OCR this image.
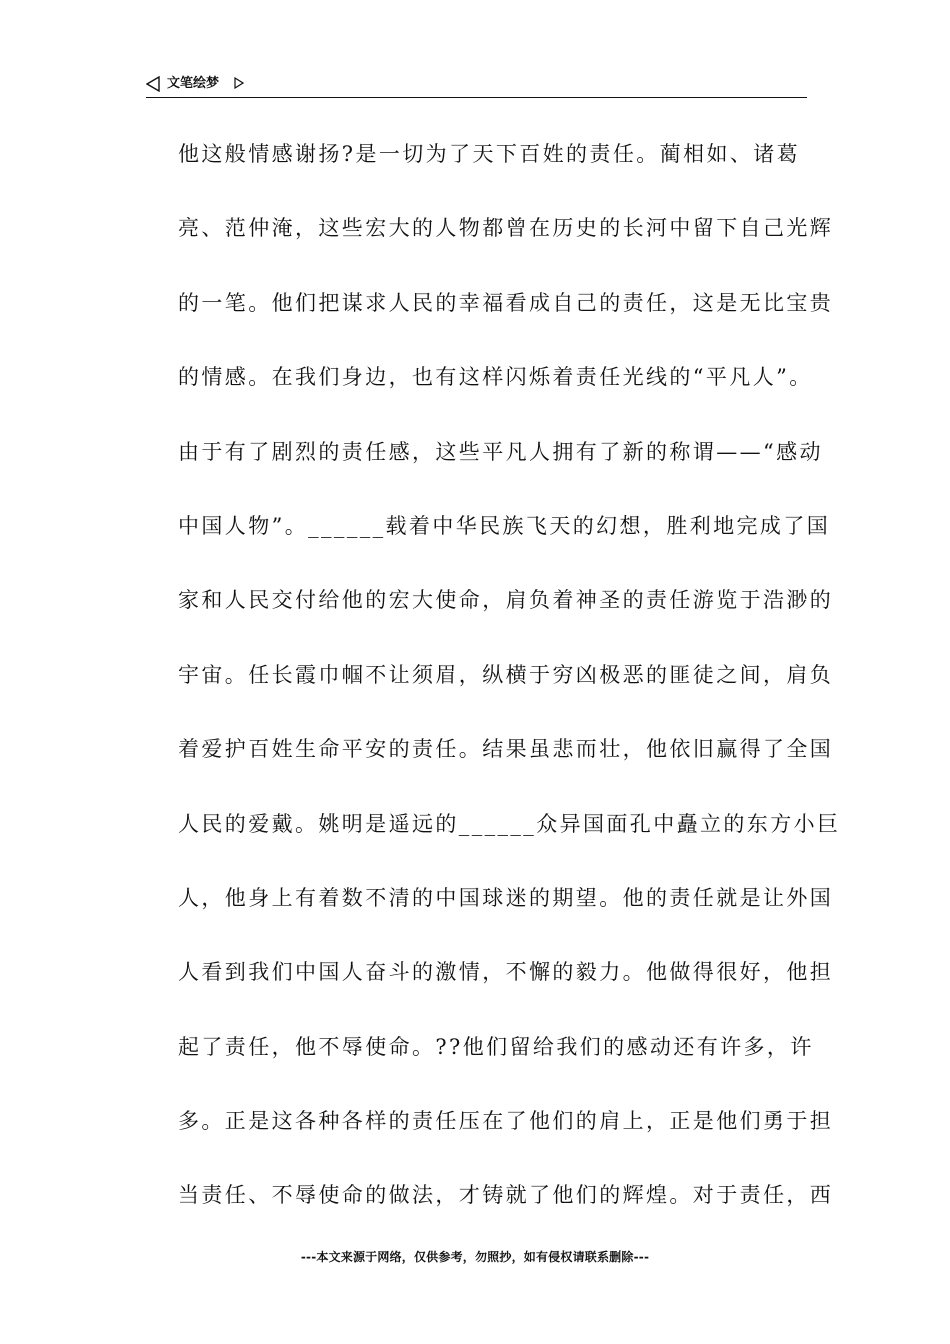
文笔绘梦
他这般情感谢扬?是一切为了天下百姓的责任。蔺相如、诸葛
亮、范仲淹，这些宏大的人物都曾在历史的长河中留下自己光辉
的一笔。他们把谋求人民的幸福看成自己的责任，这是无比宝贵
的情感。在我们身边，也有这样闪烁着责任光线的“平凡人”。
由于有了剧烈的责任感，这些平凡人拥有了新的称谓——“感动
中国人物”。______载着中华民族飞天的幻想，胜利地完成了国
家和人民交付给他的宏大使命，肩负着神圣的责任游览于浩渺的
宇宙。任长霞巾帼不让须眉，纵横于穷凶极恶的匪徒之间，肩负
着爱护百姓生命平安的责任。结果虽悲而壮，他依旧赢得了全国
人民的爱戴。姚明是遥远的______众异国面孔中矗立的东方小巨
人，他身上有着数不清的中国球迷的期望。他的责任就是让外国
人看到我们中国人奋斗的激情，不懈的毅力。他做得很好，他担
起了责任，他不辱使命。??他们留给我们的感动还有许多，许
多。正是这各种各样的责任压在了他们的肩上，正是他们勇于担
当责任、不辱使命的做法，才铸就了他们的辉煌。对于责任，西
---本文来源于网络，仅供参考，勿照抄，如有侵权请联系删除---
